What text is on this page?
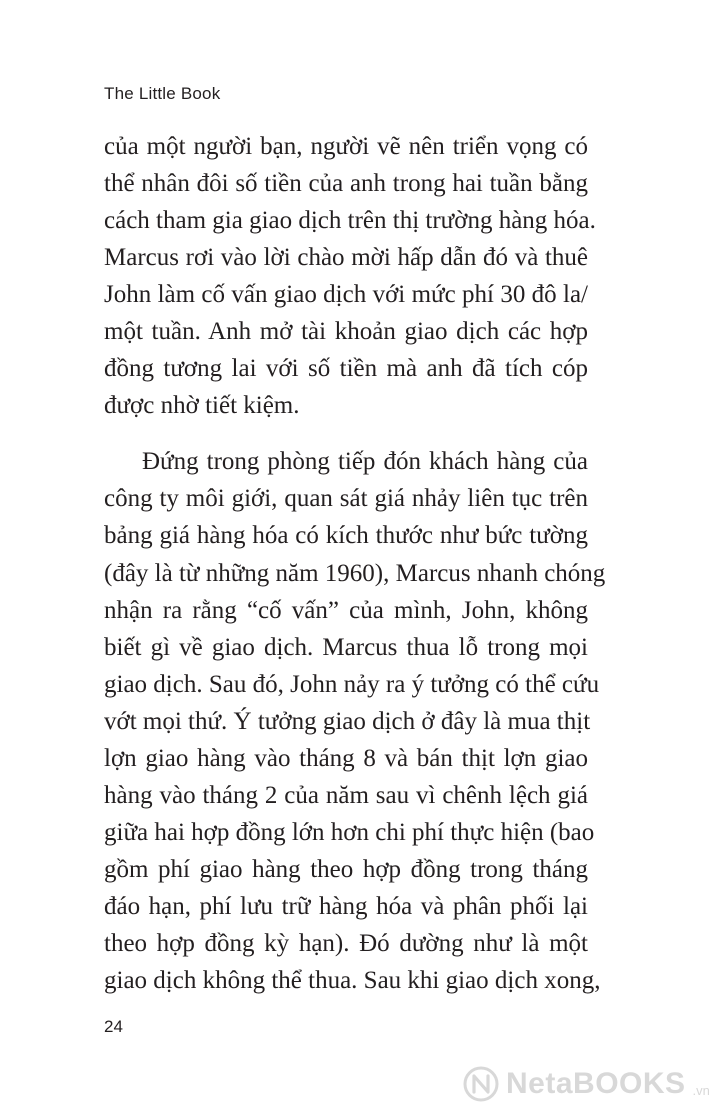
The Little Book

của một người bạn, người vẽ nên triển vọng có
thể nhân đôi số tiền của anh trong hai tuần bằng
cách tham gia giao dịch trên thị trường hàng hóa.
Marcus rơi vào lời chào mời hấp dẫn đó và thuê
John làm cố vấn giao dịch với mức phí 30 đô la/
một tuần. Anh mở tài khoản giao dịch các hợp
đồng tương lai với số tiền mà anh đã tích cóp
được nhờ tiết kiệm.

Đứng trong phòng tiếp đón khách hàng của
công ty môi giới, quan sát giá nhảy liên tục trên
bảng giá hàng hóa có kích thước như bức tường
(đây là từ những năm 1960), Marcus nhanh chóng
nhận ra rằng “cố vấn” của mình, John, không
biết gì về giao dịch. Marcus thua lỗ trong mọi
giao dịch. Sau đó, John nảy ra ý tưởng có thể cứu
vớt mọi thứ. Ý tưởng giao dịch ở đây là mua thịt
lợn giao hàng vào tháng 8 và bán thịt lợn giao
hàng vào tháng 2 của năm sau vì chênh lệch giá
giữa hai hợp đồng lớn hơn chi phí thực hiện (bao
gồm phí giao hàng theo hợp đồng trong tháng
đáo hạn, phí lưu trữ hàng hóa và phân phối lại
theo hợp đồng kỳ hạn). Đó dường như là một
giao dịch không thể thua. Sau khi giao dịch xong,

24
NetaBOOKS .vn
